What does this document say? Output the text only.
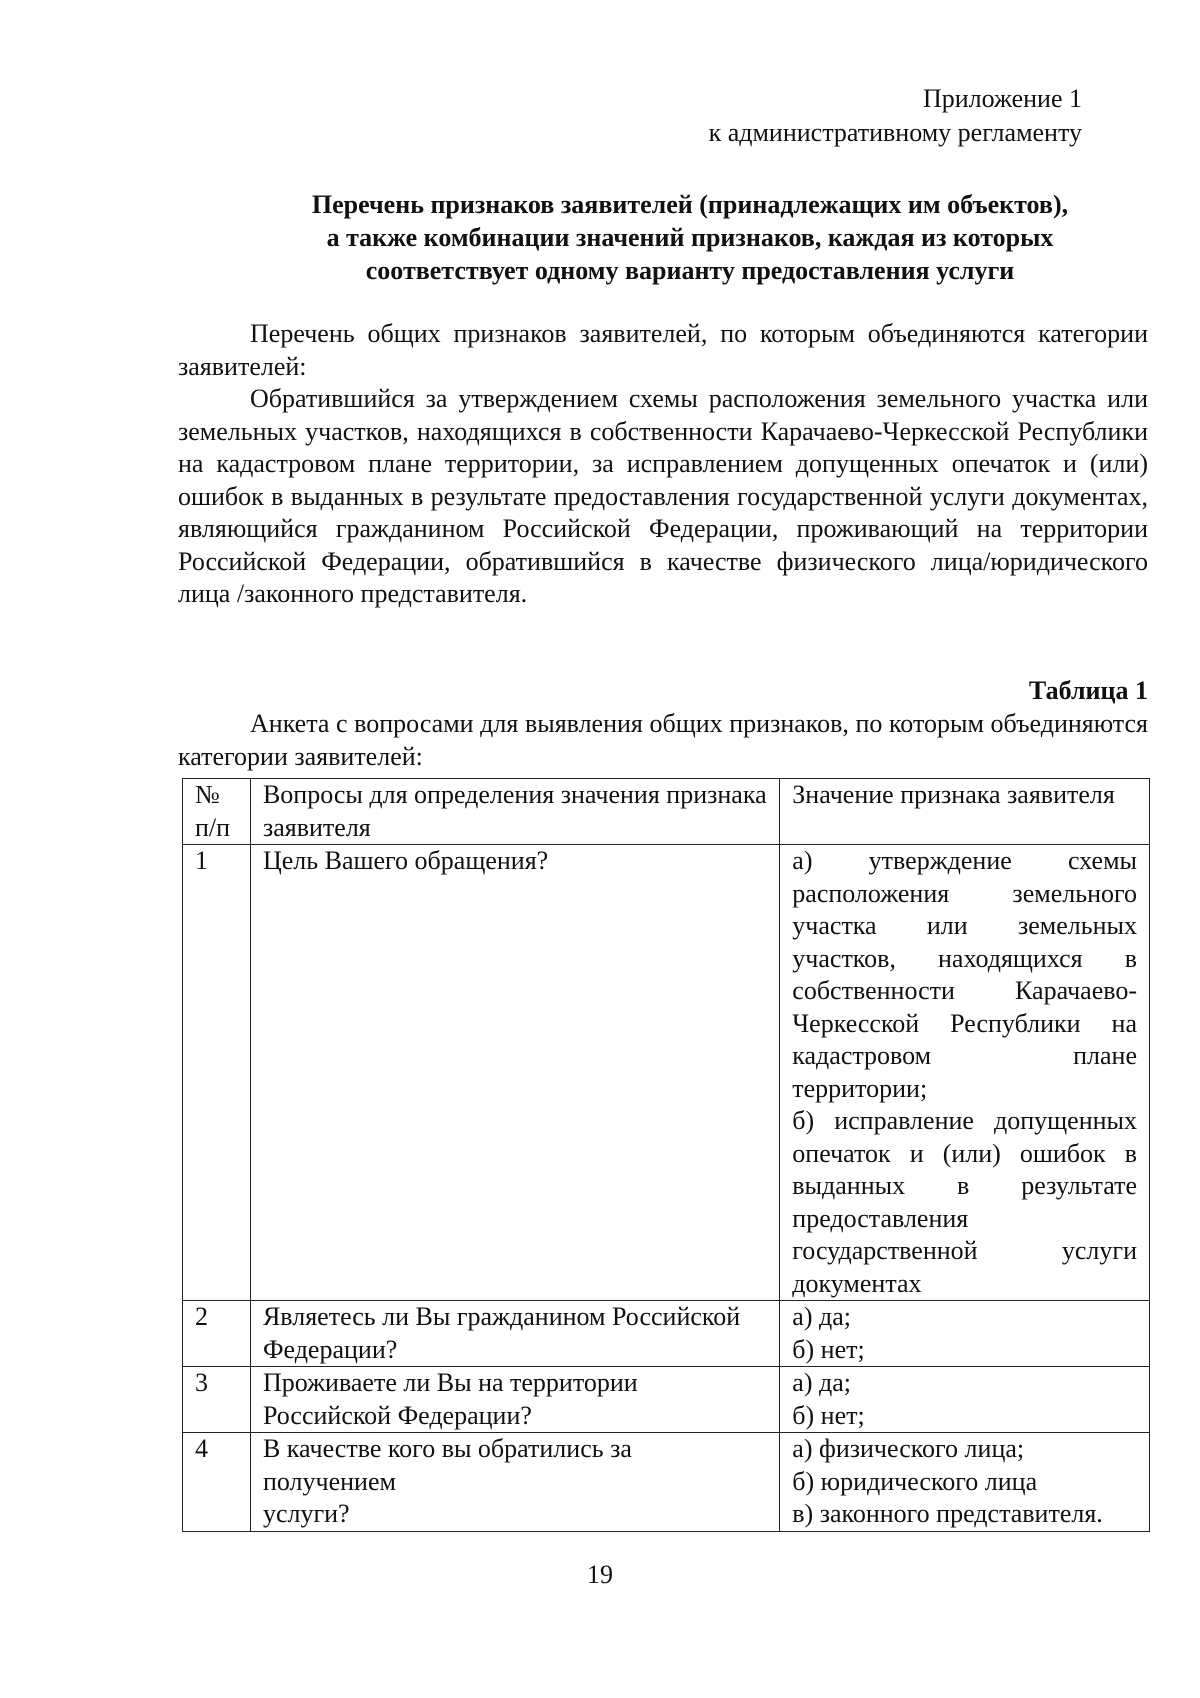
Приложение 1
к административному регламенту
Перечень признаков заявителей (принадлежащих им объектов),
а также комбинации значений признаков, каждая из которых
соответствует одному варианту предоставления услуги

Перечень общих признаков заявителей, по которым объединяются категории заявителей:

Обратившийся за утверждением схемы расположения земельного участка или земельных участков, находящихся в собственности Карачаево-Черкесской Республики на кадастровом плане территории, за исправлением допущенных опечаток и (или) ошибок в выданных в результате предоставления государственной услуги документах, являющийся гражданином Российской Федерации, проживающий на территории Российской Федерации, обратившийся в качестве физического лица/юридического лица /законного представителя.

Таблица 1

Анкета с вопросами для выявления общих признаков, по которым объединяются категории заявителей:

№ п/п	Вопросы для определения значения признака заявителя	Значение признака заявителя
1	Цель Вашего обращения?	а) утверждение схемы расположения земельного участка или земельных участков, находящихся в собственности Карачаево-Черкесской Республики на кадастровом плане территории;
б) исправление допущенных опечаток и (или) ошибок в выданных в результате предоставления государственной услуги документах

2	Являетесь ли Вы гражданином Российской Федерации?	а) да;
б) нет;

3	Проживаете ли Вы на территории Российской Федерации?	а) да;
б) нет;

4	В качестве кого вы обратились за
получением
услуги?	а) физического лица;
б) юридического лица
в) законного представителя.
19
